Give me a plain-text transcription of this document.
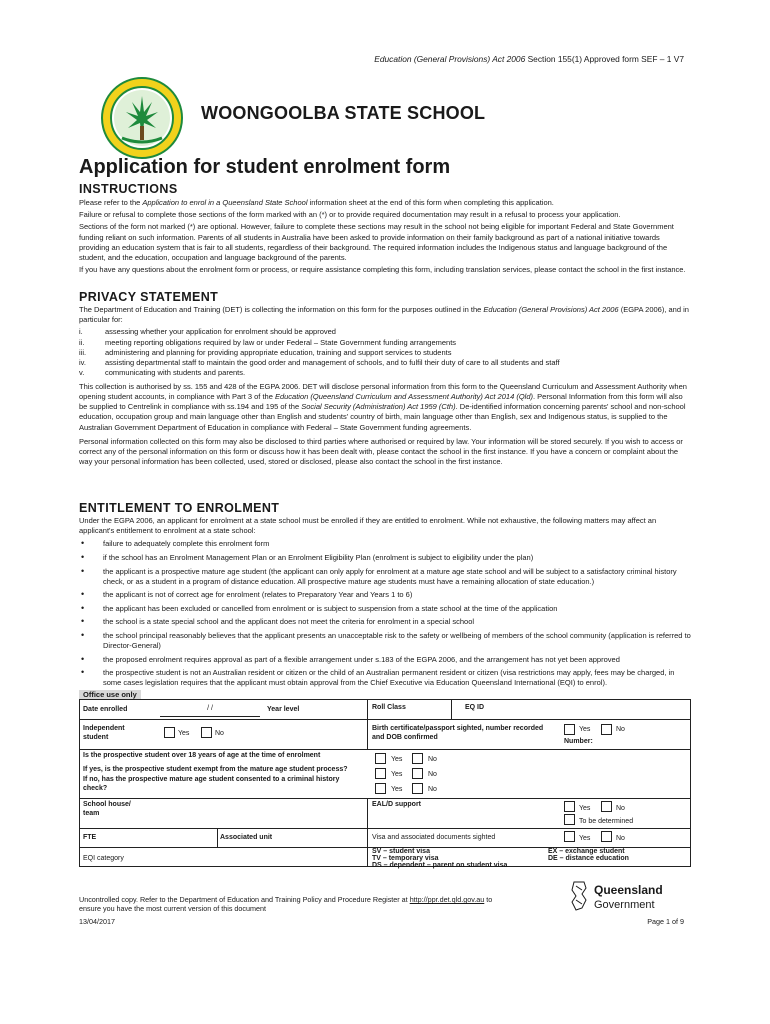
Education (General Provisions) Act 2006 Section 155(1) Approved form SEF – 1 V7
WOONGOOLBA STATE SCHOOL
Application for student enrolment form
INSTRUCTIONS

Please refer to the Application to enrol in a Queensland State School information sheet at the end of this form when completing this application.

Failure or refusal to complete those sections of the form marked with an (*) or to provide required documentation may result in a refusal to process your application.

Sections of the form not marked (*) are optional. However, failure to complete these sections may result in the school not being eligible for important Federal and State Government funding reliant on such information. Parents of all students in Australia have been asked to provide information on their family background as part of a national initiative towards providing an education system that is fair to all students, regardless of their background. The required information includes the Indigenous status and language background of the student, and the education, occupation and language background of the parents.

If you have any questions about the enrolment form or process, or require assistance completing this form, including translation services, please contact the school in the first instance.

PRIVACY STATEMENT

The Department of Education and Training (DET) is collecting the information on this form for the purposes outlined in the Education (General Provisions) Act 2006 (EGPA 2006), and in particular for:

i.	assessing whether your application for enrolment should be approved
ii.	meeting reporting obligations required by law or under Federal – State Government funding arrangements
iii.	administering and planning for providing appropriate education, training and support services to students
iv.	assisting departmental staff to maintain the good order and management of schools, and to fulfil their duty of care to all students and staff
v.	communicating with students and parents.

This collection is authorised by ss. 155 and 428 of the EGPA 2006. DET will disclose personal information from this form to the Queensland Curriculum and Assessment Authority when opening student accounts, in compliance with Part 3 of the Education (Queensland Curriculum and Assessment Authority) Act 2014 (Qld). Personal Information from this form will also be supplied to Centrelink in compliance with ss.194 and 195 of the Social Security (Administration) Act 1959 (Cth). De-identified information concerning parents' school and non-school education, occupation group and main language other than English and students' country of birth, main language other than English, sex and Indigenous status, is supplied to the Australian Government Department of Education in compliance with Federal – State Government funding agreements.

Personal information collected on this form may also be disclosed to third parties where authorised or required by law. Your information will be stored securely. If you wish to access or correct any of the personal information on this form or discuss how it has been dealt with, please contact the school in the first instance. If you have a concern or complaint about the way your personal information has been collected, used, stored or disclosed, please also contact the school in the first instance.

ENTITLEMENT TO ENROLMENT

Under the EGPA 2006, an applicant for enrolment at a state school must be enrolled if they are entitled to enrolment. While not exhaustive, the following matters may affect an applicant's entitlement to enrolment at a state school:

• failure to adequately complete this enrolment form
• if the school has an Enrolment Management Plan or an Enrolment Eligibility Plan (enrolment is subject to eligibility under the plan)
• the applicant is a prospective mature age student (the applicant can only apply for enrolment at a mature age state school and will be subject to a satisfactory criminal history check, or as a student in a program of distance education. All prospective mature age students must have a remaining allocation of state education.)
• the applicant is not of correct age for enrolment (relates to Preparatory Year and Years 1 to 6)
• the applicant has been excluded or cancelled from enrolment or is subject to suspension from a state school at the time of the application
• the school is a state special school and the applicant does not meet the criteria for enrolment in a special school
• the school principal reasonably believes that the applicant presents an unacceptable risk to the safety or wellbeing of members of the school community (application is referred to Director-General)
• the proposed enrolment requires approval as part of a flexible arrangement under s.183 of the EGPA 2006, and the arrangement has not yet been approved
• the prospective student is not an Australian resident or citizen or the child of an Australian permanent resident or citizen (visa restrictions may apply, fees may be charged, in some cases legislation requires that the applicant must obtain approval from the Chief Executive via Education Queensland International (EQI) to enrol).
Office use only
Date enrolled	/ /	Year level	Roll Class	EQ ID
Independent student	Yes	No
Birth certificate/passport sighted, number recorded and DOB confirmed
Yes	No
Number:
Is the prospective student over 18 years of age at the time of enrolment
Yes	No
If yes, is the prospective student exempt from the mature age student process? If no, has the prospective mature age student consented to a criminal history check?
Yes	No
Yes	No
School house/ team
EAL/D support
Yes	No
To be determined
FTE	Associated unit	Visa and associated documents sighted	Yes	No
EQI category
SV – student visa
TV – temporary visa
DS – dependent – parent on student visa
EX – exchange student
DE – distance education
Uncontrolled copy. Refer to the Department of Education and Training Policy and Procedure Register at http://ppr.det.qld.gov.au to ensure you have the most current version of this document
Queensland
Government
13/04/2017	Page 1 of 9
